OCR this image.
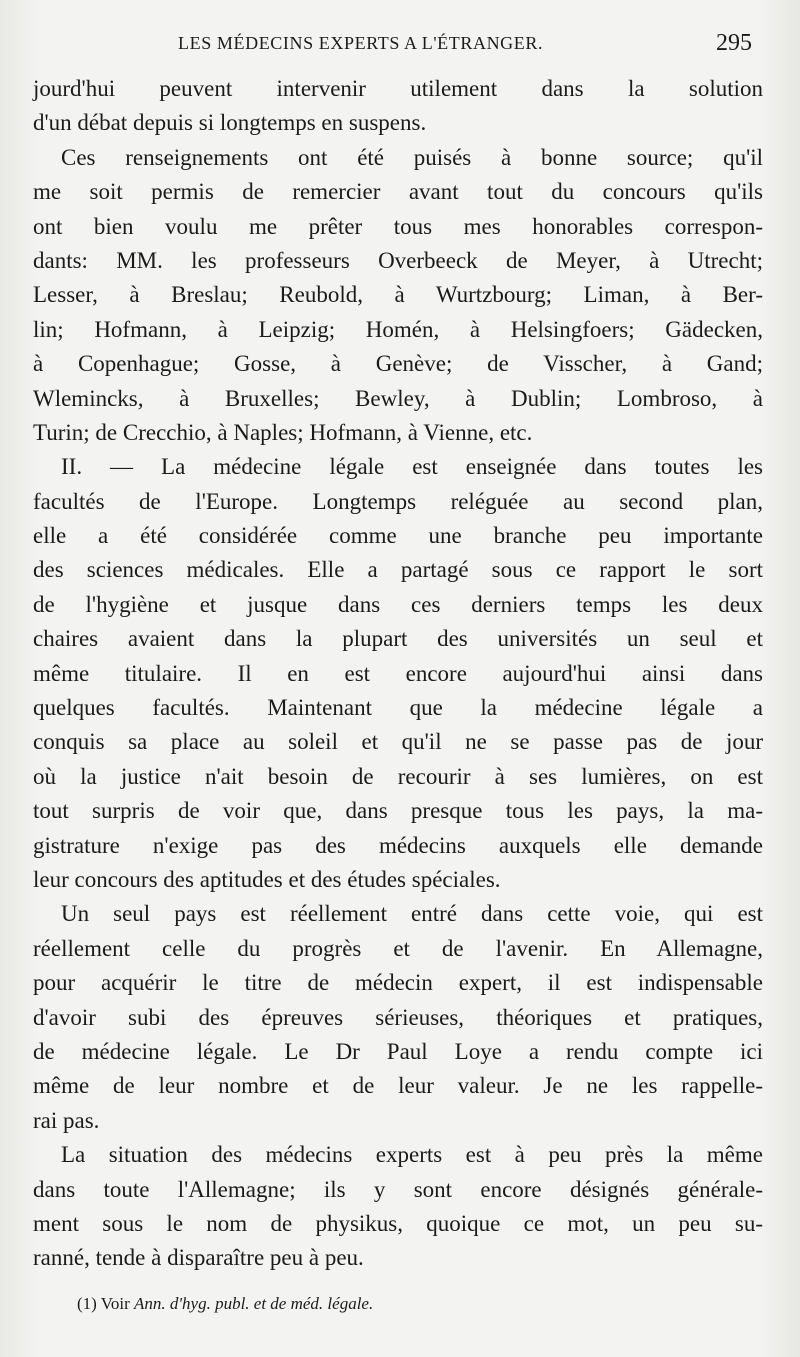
LES MÉDECINS EXPERTS A L'ÉTRANGER.	295
jourd'hui peuvent intervenir utilement dans la solution
d'un débat depuis si longtemps en suspens.
Ces renseignements ont été puisés à bonne source; qu'il
me soit permis de remercier avant tout du concours qu'ils
ont bien voulu me prêter tous mes honorables correspon-
dants: MM. les professeurs Overbeeck de Meyer, à Utrecht;
Lesser, à Breslau; Reubold, à Wurtzbourg; Liman, à Ber-
lin; Hofmann, à Leipzig; Homén, à Helsingfoers; Gädecken,
à Copenhague; Gosse, à Genève; de Visscher, à Gand;
Wlemincks, à Bruxelles; Bewley, à Dublin; Lombroso, à
Turin; de Crecchio, à Naples; Hofmann, à Vienne, etc.
II. — La médecine légale est enseignée dans toutes les
facultés de l'Europe. Longtemps reléguée au second plan,
elle a été considérée comme une branche peu importante
des sciences médicales. Elle a partagé sous ce rapport le sort
de l'hygiène et jusque dans ces derniers temps les deux
chaires avaient dans la plupart des universités un seul et
même titulaire. Il en est encore aujourd'hui ainsi dans
quelques facultés. Maintenant que la médecine légale a
conquis sa place au soleil et qu'il ne se passe pas de jour
où la justice n'ait besoin de recourir à ses lumières, on est
tout surpris de voir que, dans presque tous les pays, la ma-
gistrature n'exige pas des médecins auxquels elle demande
leur concours des aptitudes et des études spéciales.
Un seul pays est réellement entré dans cette voie, qui est
réellement celle du progrès et de l'avenir. En Allemagne,
pour acquérir le titre de médecin expert, il est indispensable
d'avoir subi des épreuves sérieuses, théoriques et pratiques,
de médecine légale. Le Dr Paul Loye a rendu compte ici
même de leur nombre et de leur valeur. Je ne les rappelle-
rai pas.
La situation des médecins experts est à peu près la même
dans toute l'Allemagne; ils y sont encore désignés générale-
ment sous le nom de physikus, quoique ce mot, un peu su-
ranné, tende à disparaître peu à peu.
(1) Voir Ann. d'hyg. publ. et de méd. légale.
